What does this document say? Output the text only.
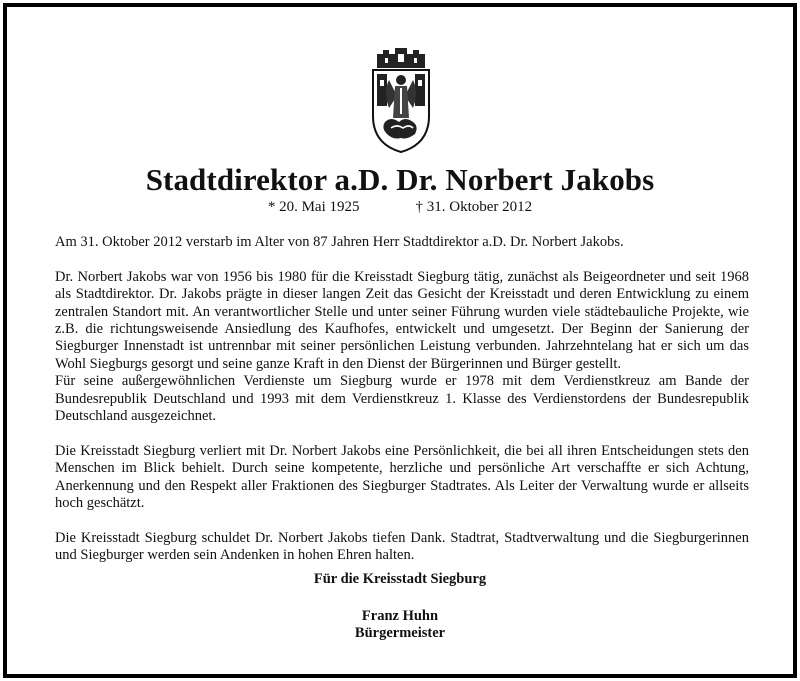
Stadtdirektor a.D. Dr. Norbert Jakobs
* 20. Mai 1925	† 31. Oktober 2012

Am 31. Oktober 2012 verstarb im Alter von 87 Jahren Herr Stadtdirektor a.D. Dr. Norbert Jakobs.

Dr. Norbert Jakobs war von 1956 bis 1980 für die Kreisstadt Siegburg tätig, zunächst als Beigeordneter und seit 1968 als Stadtdirektor. Dr. Jakobs prägte in dieser langen Zeit das Gesicht der Kreisstadt und deren Entwicklung zu einem zentralen Standort mit. An verantwortlicher Stelle und unter seiner Führung wurden viele städtebauliche Projekte, wie z.B. die richtungsweisende Ansiedlung des Kaufhofes, entwickelt und umgesetzt. Der Beginn der Sanierung der Siegburger Innenstadt ist untrennbar mit seiner persönlichen Leistung verbunden. Jahrzehntelang hat er sich um das Wohl Siegburgs gesorgt und seine ganze Kraft in den Dienst der Bürgerinnen und Bürger gestellt.

Für seine außergewöhnlichen Verdienste um Siegburg wurde er 1978 mit dem Verdienstkreuz am Bande der Bundesrepublik Deutschland und 1993 mit dem Verdienstkreuz 1. Klasse des Verdienstordens der Bundesrepublik Deutschland ausgezeichnet.

Die Kreisstadt Siegburg verliert mit Dr. Norbert Jakobs eine Persönlichkeit, die bei all ihren Entscheidungen stets den Menschen im Blick behielt. Durch seine kompetente, herzliche und persönliche Art verschaffte er sich Achtung, Anerkennung und den Respekt aller Fraktionen des Siegburger Stadtrates. Als Leiter der Verwaltung wurde er allseits hoch geschätzt.

Die Kreisstadt Siegburg schuldet Dr. Norbert Jakobs tiefen Dank. Stadtrat, Stadtverwaltung und die Siegburgerinnen und Siegburger werden sein Andenken in hohen Ehren halten.

Für die Kreisstadt Siegburg
Franz Huhn
Bürgermeister
